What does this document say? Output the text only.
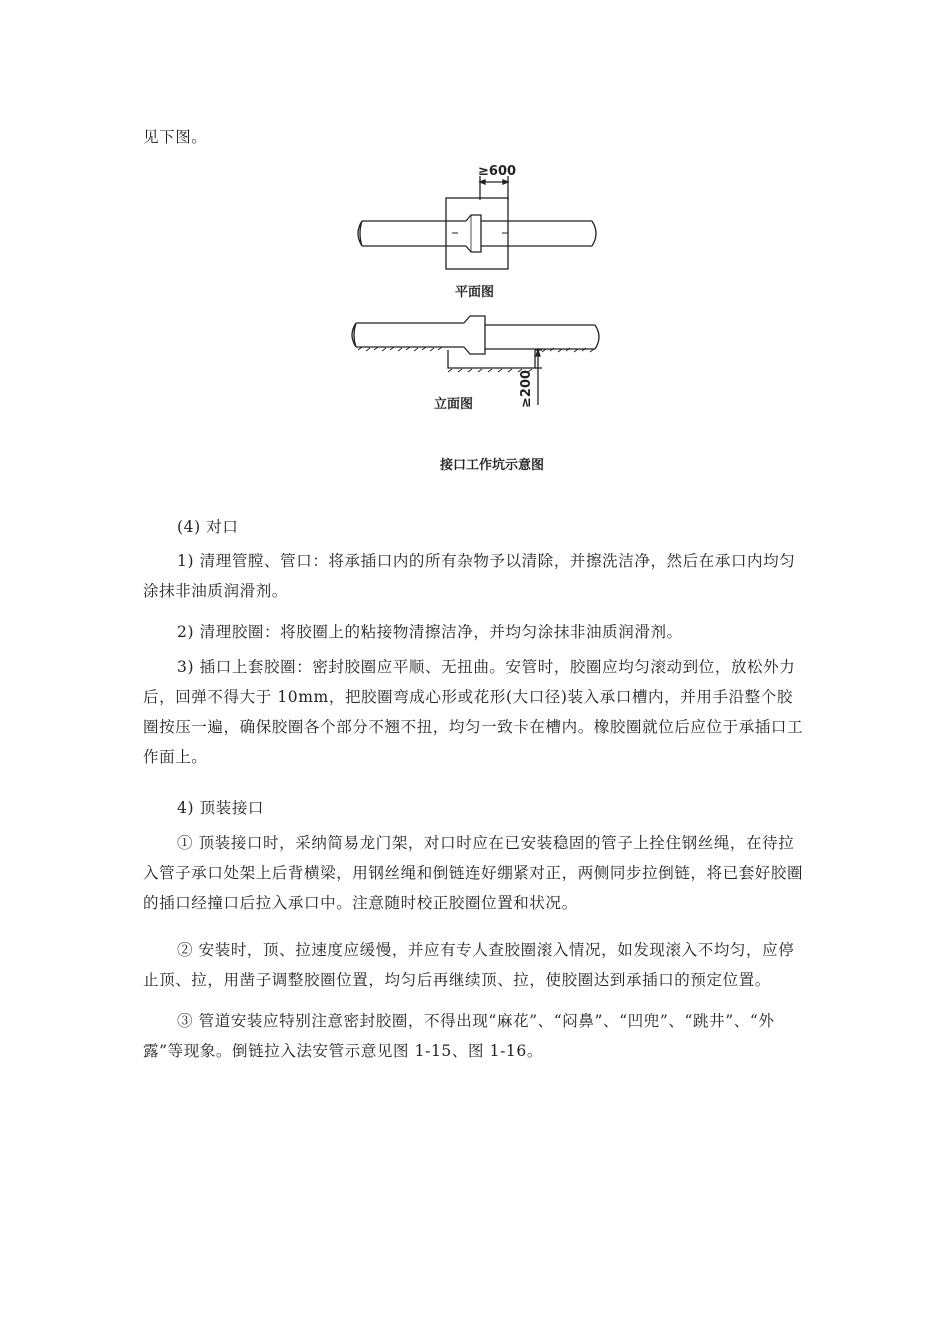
见下图。

≥600
平面图
立面图	≥200
接口工作坑示意图

(4) 对口

1) 清理管膛、管口：将承插口内的所有杂物予以清除，并擦洗洁净，然后在承口内均匀涂抹非油质润滑剂。

2) 清理胶圈：将胶圈上的粘接物清擦洁净，并均匀涂抹非油质润滑剂。

3) 插口上套胶圈：密封胶圈应平顺、无扭曲。安管时，胶圈应均匀滚动到位，放松外力后，回弹不得大于 10mm，把胶圈弯成心形或花形(大口径)装入承口槽内，并用手沿整个胶圈按压一遍，确保胶圈各个部分不翘不扭，均匀一致卡在槽内。橡胶圈就位后应位于承插口工作面上。

4) 顶装接口

① 顶装接口时，采纳简易龙门架，对口时应在已安装稳固的管子上拴住钢丝绳，在待拉入管子承口处架上后背横梁，用钢丝绳和倒链连好绷紧对正，两侧同步拉倒链，将已套好胶圈的插口经撞口后拉入承口中。注意随时校正胶圈位置和状况。

② 安装时，顶、拉速度应缓慢，并应有专人查胶圈滚入情况，如发现滚入不均匀，应停止顶、拉，用凿子调整胶圈位置，均匀后再继续顶、拉，使胶圈达到承插口的预定位置。

③ 管道安装应特别注意密封胶圈，不得出现“麻花”、“闷鼻”、“凹兜”、“跳井”、“外露”等现象。倒链拉入法安管示意见图 1-15、图 1-16。
